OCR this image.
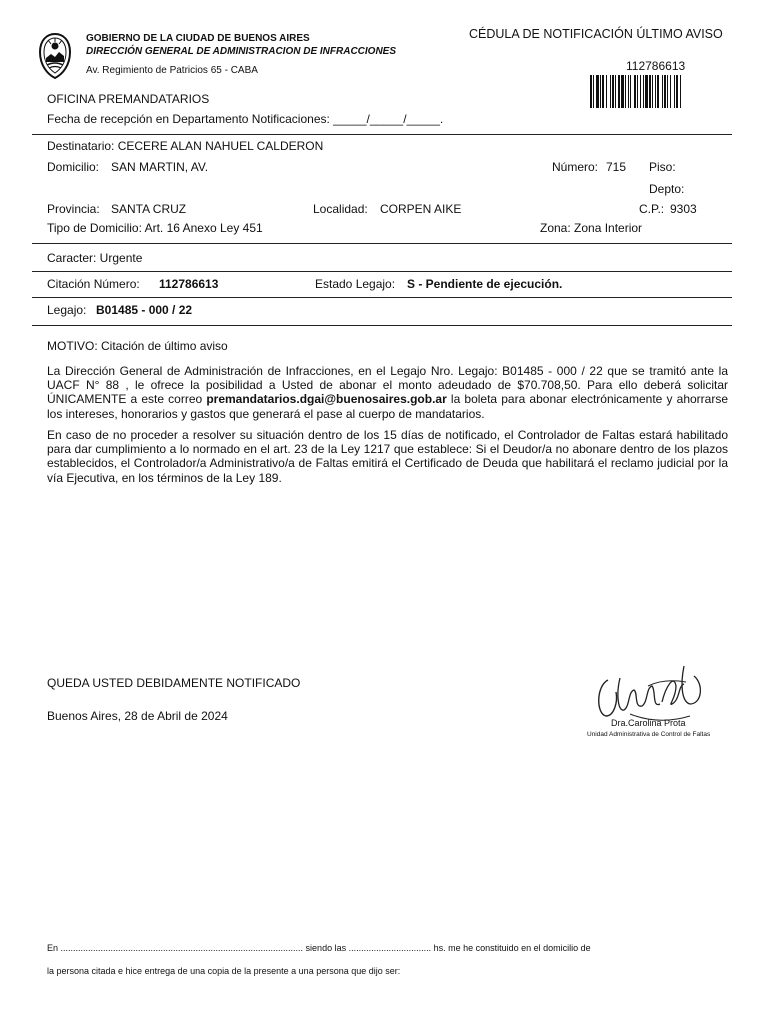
GOBIERNO DE LA CIUDAD DE BUENOS AIRES
DIRECCIÓN GENERAL DE ADMINISTRACION DE INFRACCIONES
Av. Regimiento de Patricios 65 - CABA
CÉDULA DE NOTIFICACIÓN ÚLTIMO AVISO
112786613
OFICINA PREMANDATARIOS
Fecha de recepción en Departamento Notificaciones: _____/_____/_____.
Destinatario: CECERE ALAN NAHUEL CALDERON
Domicilio: SAN MARTIN, AV.	Número: 715 Piso:
Depto:
Provincia: SANTA CRUZ	Localidad: CORPEN AIKE	C.P.: 9303
Tipo de Domicilio: Art. 16 Anexo Ley 451	Zona: Zona Interior
Caracter: Urgente
Citación Número: 112786613	Estado Legajo: S - Pendiente de ejecución.
Legajo: B01485 - 000 / 22
MOTIVO: Citación de último aviso
La Dirección General de Administración de Infracciones, en el Legajo Nro. Legajo: B01485 - 000 / 22 que se tramitó ante la UACF N° 88 , le ofrece la posibilidad a Usted de abonar el monto adeudado de $70.708,50. Para ello deberá solicitar ÚNICAMENTE a este correo premandatarios.dgai@buenosaires.gob.ar la boleta para abonar electrónicamente y ahorrarse los intereses, honorarios y gastos que generará el pase al cuerpo de mandatarios.
En caso de no proceder a resolver su situación dentro de los 15 días de notificado, el Controlador de Faltas estará habilitado para dar cumplimiento a lo normado en el art. 23 de la Ley 1217 que establece: Si el Deudor/a no abonare dentro de los plazos establecidos, el Controlador/a Administrativo/a de Faltas emitirá el Certificado de Deuda que habilitará el reclamo judicial por la vía Ejecutiva, en los términos de la Ley 189.
QUEDA USTED DEBIDAMENTE NOTIFICADO
Buenos Aires, 28 de Abril de 2024	Dra.Carolina Prota
Unidad Administrativa de Control de Faltas
En ................................................................................................. siendo las ................................. hs. me he constituido en el domicilio de
la persona citada e hice entrega de una copia de la presente a una persona que dijo ser:
